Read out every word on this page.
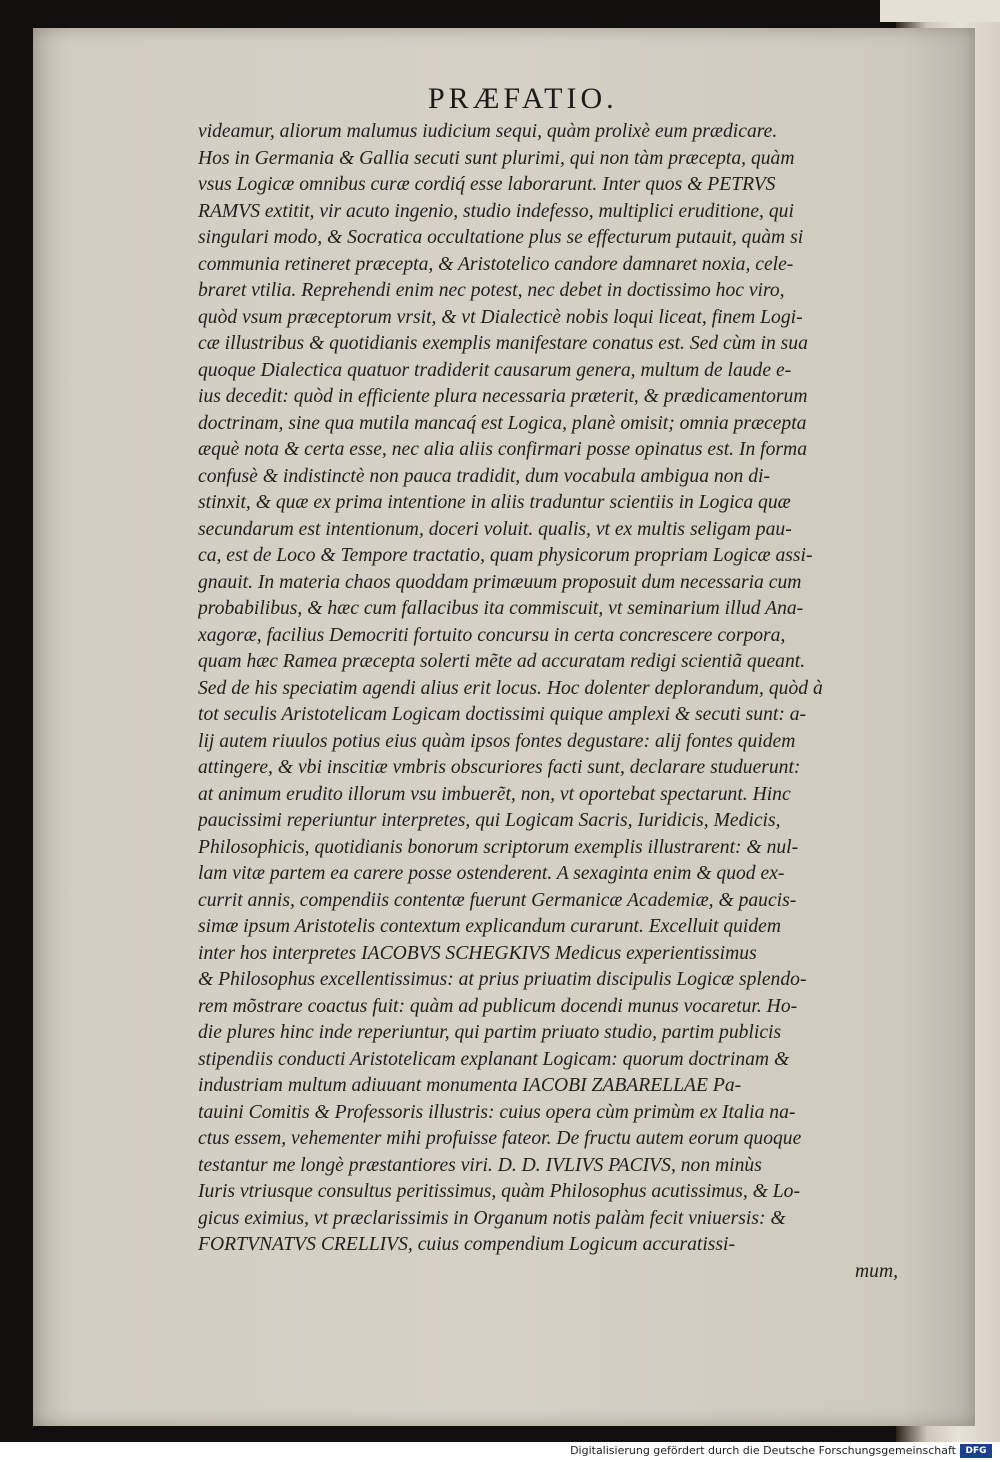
PRÆFATIO.
videamur, aliorum malumus iudicium sequi, quàm prolixè eum prædicare.
Hos in Germania & Gallia secuti sunt plurimi, qui non tàm præcepta, quàm
vsus Logicæ omnibus curæ cordiq́ esse laborarunt. Inter quos & PETRVS
RAMVS extitit, vir acuto ingenio, studio indefesso, multiplici eruditione, qui
singulari modo, & Socratica occultatione plus se effecturum putauit, quàm si
communia retineret præcepta, & Aristotelico candore damnaret noxia, cele-
braret vtilia. Reprehendi enim nec potest, nec debet in doctissimo hoc viro,
quòd vsum præceptorum vrsit, & vt Dialecticè nobis loqui liceat, finem Logi-
cæ illustribus & quotidianis exemplis manifestare conatus est. Sed cùm in sua
quoque Dialectica quatuor tradiderit causarum genera, multum de laude e-
ius decedit: quòd in efficiente plura necessaria præterit, & prædicamentorum
doctrinam, sine qua mutila mancaq́ est Logica, planè omisit; omnia præcepta
æquè nota & certa esse, nec alia aliis confirmari posse opinatus est. In forma
confusè & indistinctè non pauca tradidit, dum vocabula ambigua non di-
stinxit, & quæ ex prima intentione in aliis traduntur scientiis in Logica quæ
secundarum est intentionum, doceri voluit. qualis, vt ex multis seligam pau-
ca, est de Loco & Tempore tractatio, quam physicorum propriam Logicæ assi-
gnauit. In materia chaos quoddam primæuum proposuit dum necessaria cum
probabilibus, & hæc cum fallacibus ita commiscuit, vt seminarium illud Ana-
xagoræ, facilius Democriti fortuito concursu in certa concrescere corpora,
quam hæc Ramea præcepta solerti mẽte ad accuratam redigi scientiã queant.
Sed de his speciatim agendi alius erit locus. Hoc dolenter deplorandum, quòd à
tot seculis Aristotelicam Logicam doctissimi quique amplexi & secuti sunt: a-
lij autem riuulos potius eius quàm ipsos fontes degustare: alij fontes quidem
attingere, & vbi inscitiæ vmbris obscuriores facti sunt, declarare studuerunt:
at animum erudito illorum vsu imbuerẽt, non, vt oportebat spectarunt. Hinc
paucissimi reperiuntur interpretes, qui Logicam Sacris, Iuridicis, Medicis,
Philosophicis, quotidianis bonorum scriptorum exemplis illustrarent: & nul-
lam vitæ partem ea carere posse ostenderent. A sexaginta enim & quod ex-
currit annis, compendiis contentæ fuerunt Germanicæ Academiæ, & paucis-
simæ ipsum Aristotelis contextum explicandum curarunt. Excelluit quidem
inter hos interpretes IACOBVS SCHEGKIVS Medicus experientissimus
& Philosophus excellentissimus: at prius priuatim discipulis Logicæ splendo-
rem mõstrare coactus fuit: quàm ad publicum docendi munus vocaretur. Ho-
die plures hinc inde reperiuntur, qui partim priuato studio, partim publicis
stipendiis conducti Aristotelicam explanant Logicam: quorum doctrinam &
industriam multum adiuuant monumenta IACOBI ZABARELLAE Pa-
tauini Comitis & Professoris illustris: cuius opera cùm primùm ex Italia na-
ctus essem, vehementer mihi profuisse fateor. De fructu autem eorum quoque
testantur me longè præstantiores viri. D. D. IVLIVS PACIVS, non minùs
Iuris vtriusque consultus peritissimus, quàm Philosophus acutissimus, & Lo-
gicus eximius, vt præclarissimis in Organum notis palàm fecit vniuersis: &
FORTVNATVS CRELLIVS, cuius compendium Logicum accuratissi-
mum,
Digitalisierung gefördert durch die Deutsche Forschungsgemeinschaft	DFG
